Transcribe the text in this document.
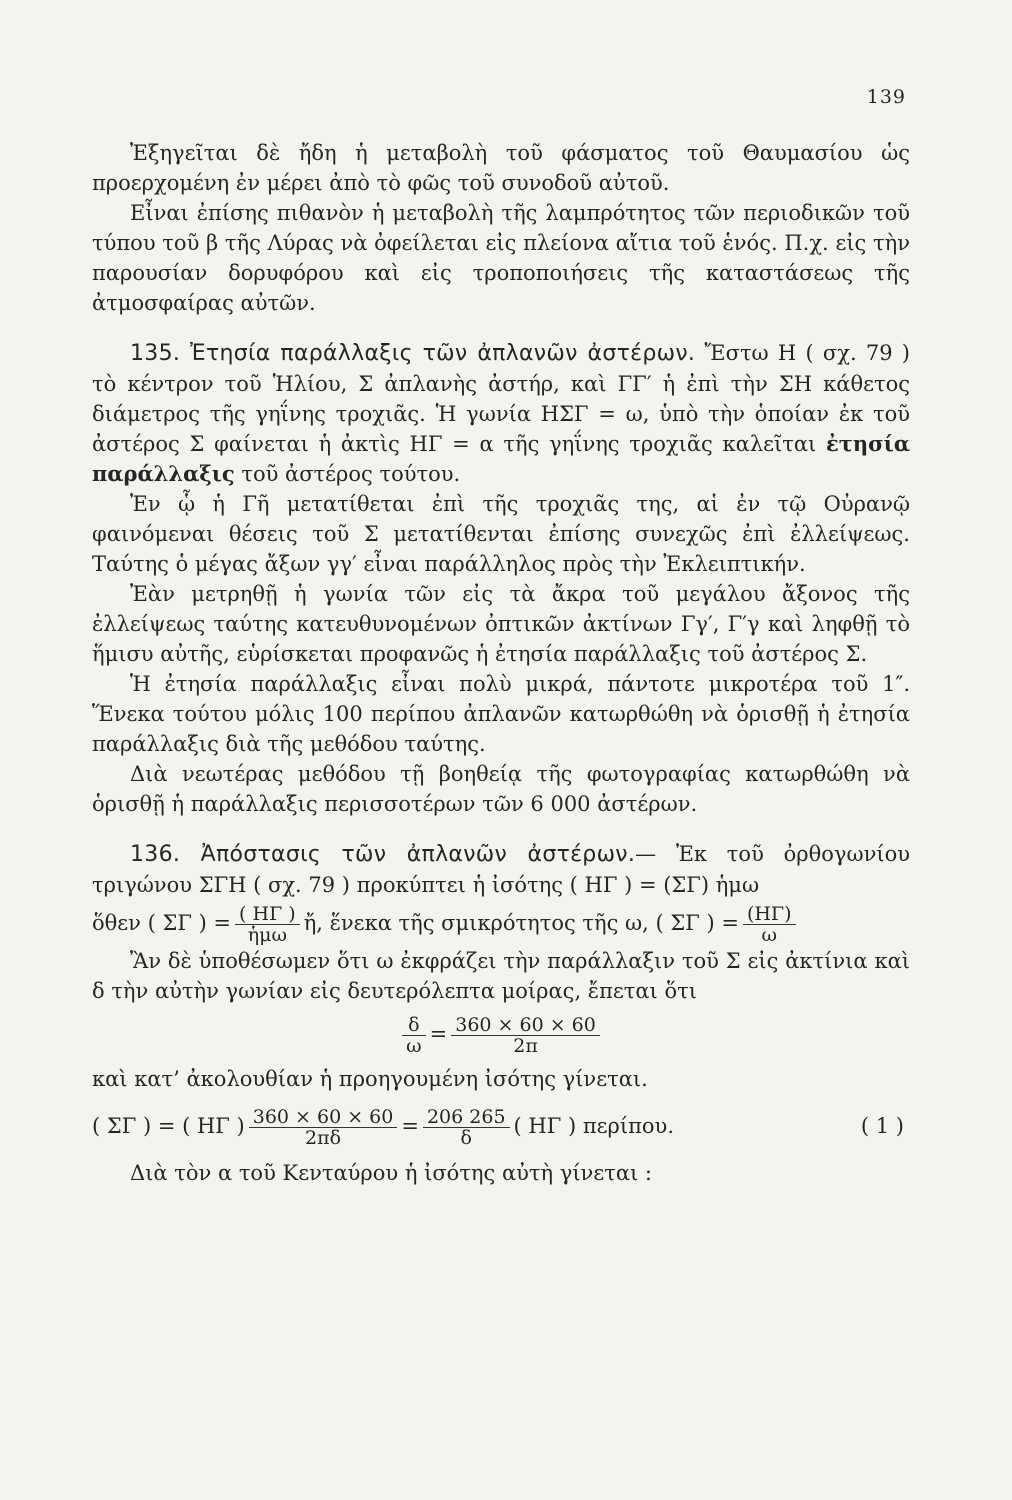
139

Ἐξηγεῖται δὲ ἤδη ἡ μεταβολὴ τοῦ φάσματος τοῦ Θαυμασίου ὡς προερχομένη ἐν μέρει ἀπὸ τὸ φῶς τοῦ συνοδοῦ αὐτοῦ.

Εἶναι ἐπίσης πιθανὸν ἡ μεταβολὴ τῆς λαμπρότητος τῶν περιοδικῶν τοῦ τύπου τοῦ β τῆς Λύρας νὰ ὀφείλεται εἰς πλείονα αἴτια τοῦ ἑνός. Π.χ. εἰς τὴν παρουσίαν δορυφόρου καὶ εἰς τροποποιήσεις τῆς καταστάσεως τῆς ἀτμοσφαίρας αὐτῶν.

135. Ἐτησία παράλλαξις τῶν ἀπλανῶν ἀστέρων. Ἔστω Η ( σχ. 79 ) τὸ κέντρον τοῦ Ἡλίου, Σ ἀπλανὴς ἀστήρ, καὶ ΓΓ′ ἡ ἐπὶ τὴν ΣΗ κάθετος διάμετρος τῆς γηΐνης τροχιᾶς. Ἡ γωνία ΗΣΓ = ω, ὑπὸ τὴν ὁποίαν ἐκ τοῦ ἀστέρος Σ φαίνεται ἡ ἀκτὶς ΗΓ = α τῆς γηΐνης τροχιᾶς καλεῖται ἐτησία παράλλαξις τοῦ ἀστέρος τούτου.

Ἐν ᾧ ἡ Γῆ μετατίθεται ἐπὶ τῆς τροχιᾶς της, αἱ ἐν τῷ Οὐρανῷ φαινόμεναι θέσεις τοῦ Σ μετατίθενται ἐπίσης συνεχῶς ἐπὶ ἐλλείψεως. Ταύτης ὁ μέγας ἄξων γγ′ εἶναι παράλληλος πρὸς τὴν Ἐκλειπτικήν.

Ἐὰν μετρηθῇ ἡ γωνία τῶν εἰς τὰ ἄκρα τοῦ μεγάλου ἄξονος τῆς ἐλλείψεως ταύτης κατευθυνομένων ὀπτικῶν ἀκτίνων Γγ′, Γ′γ καὶ ληφθῇ τὸ ἥμισυ αὐτῆς, εὑρίσκεται προφανῶς ἡ ἐτησία παράλλαξις τοῦ ἀστέρος Σ.

Ἡ ἐτησία παράλλαξις εἶναι πολὺ μικρά, πάντοτε μικροτέρα τοῦ 1″. Ἕνεκα τούτου μόλις 100 περίπου ἀπλανῶν κατωρθώθη νὰ ὁρισθῇ ἡ ἐτησία παράλλαξις διὰ τῆς μεθόδου ταύτης.

Διὰ νεωτέρας μεθόδου τῇ βοηθείᾳ τῆς φωτογραφίας κατωρθώθη νὰ ὁρισθῇ ἡ παράλλαξις περισσοτέρων τῶν 6 000 ἀστέρων.

136. Ἀπόστασις τῶν ἀπλανῶν ἀστέρων.— Ἐκ τοῦ ὀρθογωνίου τριγώνου ΣΓΗ ( σχ. 79 ) προκύπτει ἡ ἰσότης ( ΗΓ ) = (ΣΓ) ἡμω

ὅθεν ( ΣΓ ) = $\frac{( H\Gamma )}{\text{ἡμω}}$ ἤ, ἕνεκα τῆς σμικρότητος τῆς ω, ( ΣΓ ) = $\frac{(H\Gamma)}{\omega}$

Ἂν δὲ ὑποθέσωμεν ὅτι ω ἐκφράζει τὴν παράλλαξιν τοῦ Σ εἰς ἀκτίνια καὶ δ τὴν αὐτὴν γωνίαν εἰς δευτερόλεπτα μοίρας, ἔπεται ὅτι

$\frac{\delta}{\omega} = \frac{360 \times 60 \times 60}{2\pi}$

καὶ κατ’ ἀκολουθίαν ἡ προηγουμένη ἰσότης γίνεται.

( 1 )
( ΣΓ ) = ( ΗΓ ) $\frac{360 \times 60 \times 60}{2\pi\delta} = \frac{206 265}{\delta}$ ( ΗΓ ) περίπου.

Διὰ τὸν α τοῦ Κενταύρου ἡ ἰσότης αὐτὴ γίνεται :
